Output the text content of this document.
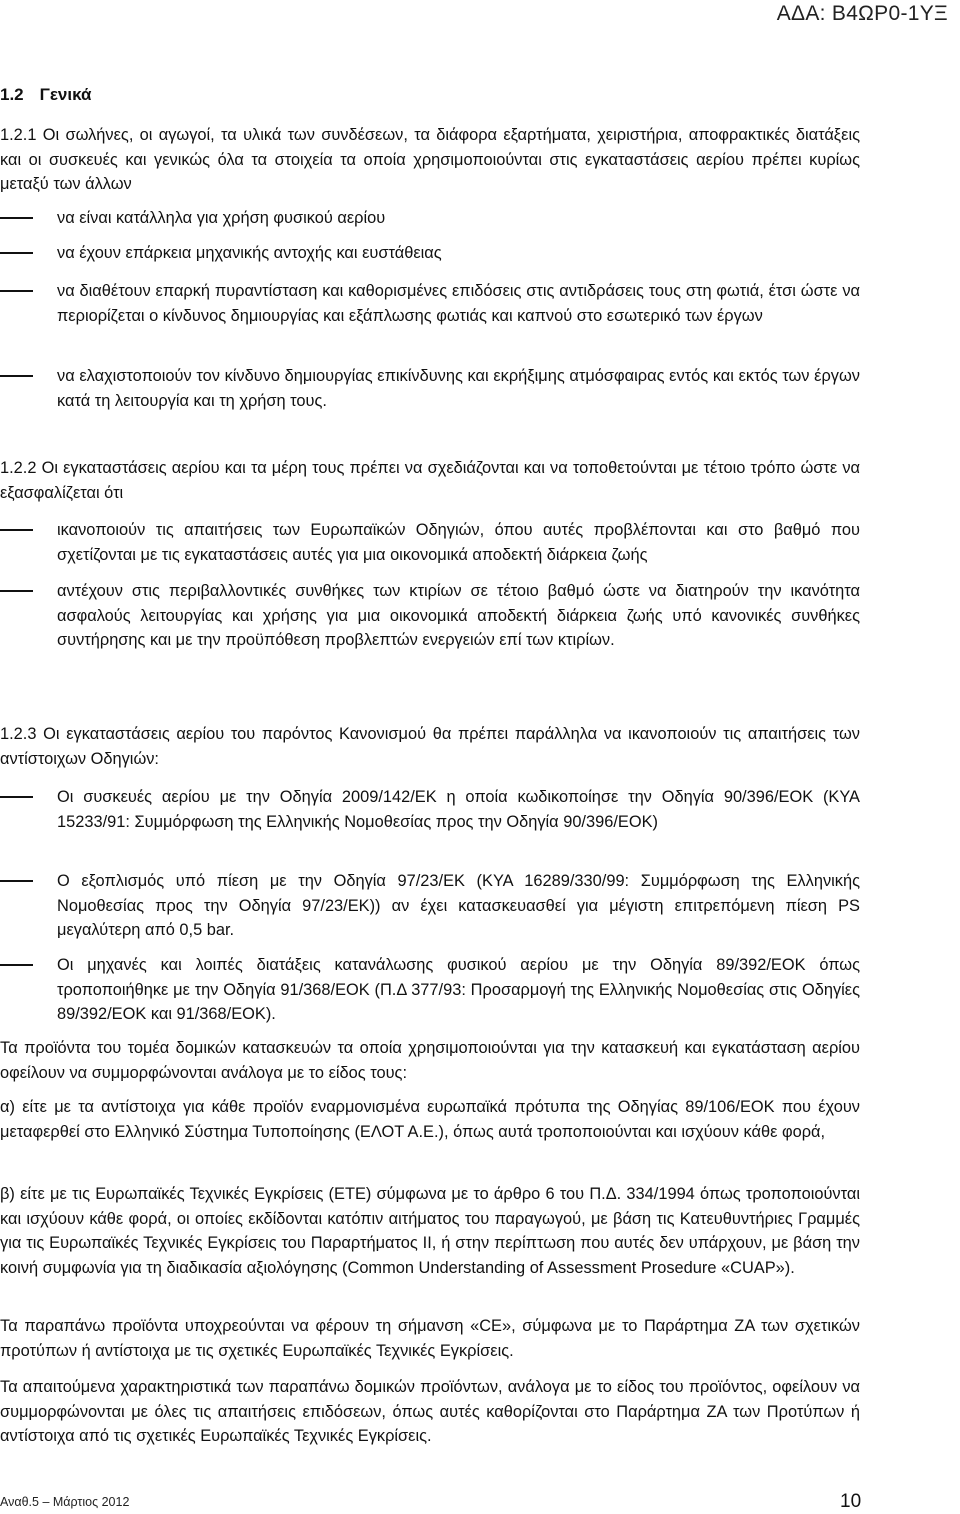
ΑΔΑ: Β4ΩΡ0-1ΥΞ
1.2 Γενικά
1.2.1 Οι σωλήνες, οι αγωγοί, τα υλικά των συνδέσεων, τα διάφορα εξαρτήματα, χειριστήρια, αποφρακτικές διατάξεις και οι συσκευές και γενικώς όλα τα στοιχεία τα οποία χρησιμοποιούνται στις εγκαταστάσεις αερίου πρέπει κυρίως μεταξύ των άλλων
να είναι κατάλληλα για χρήση φυσικού αερίου
να έχουν επάρκεια μηχανικής αντοχής και ευστάθειας
να διαθέτουν επαρκή πυραντίσταση και καθορισμένες επιδόσεις στις αντιδράσεις τους στη φωτιά, έτσι ώστε να περιορίζεται ο κίνδυνος δημιουργίας και εξάπλωσης φωτιάς και καπνού στο εσωτερικό των έργων
να ελαχιστοποιούν τον κίνδυνο δημιουργίας επικίνδυνης και εκρήξιμης ατμόσφαιρας εντός και εκτός των έργων κατά τη λειτουργία και τη χρήση τους.
1.2.2 Οι εγκαταστάσεις αερίου και τα μέρη τους πρέπει να σχεδιάζονται και να τοποθετούνται με τέτοιο τρόπο ώστε να εξασφαλίζεται ότι
ικανοποιούν τις απαιτήσεις των Ευρωπαϊκών Οδηγιών, όπου αυτές προβλέπονται και στο βαθμό που σχετίζονται με τις εγκαταστάσεις αυτές για μια οικονομικά αποδεκτή διάρκεια ζωής
αντέχουν στις περιβαλλοντικές συνθήκες των κτιρίων σε τέτοιο βαθμό ώστε να διατηρούν την ικανότητα ασφαλούς λειτουργίας και χρήσης για μια οικονομικά αποδεκτή διάρκεια ζωής υπό κανονικές συνθήκες συντήρησης και με την προϋπόθεση προβλεπτών ενεργειών επί των κτιρίων.
1.2.3 Οι εγκαταστάσεις αερίου του παρόντος Κανονισμού θα πρέπει παράλληλα να ικανοποιούν τις απαιτήσεις των αντίστοιχων Οδηγιών:
Οι συσκευές αερίου με την Οδηγία 2009/142/ΕΚ η οποία κωδικοποίησε την Οδηγία 90/396/ΕΟΚ (ΚΥΑ 15233/91: Συμμόρφωση της Ελληνικής Νομοθεσίας προς την Οδηγία 90/396/ΕΟΚ)
Ο εξοπλισμός υπό πίεση με την Οδηγία 97/23/ΕΚ (ΚΥΑ 16289/330/99: Συμμόρφωση της Ελληνικής Νομοθεσίας προς την Οδηγία 97/23/ΕΚ)) αν έχει κατασκευασθεί για μέγιστη επιτρεπόμενη πίεση PS μεγαλύτερη από 0,5 bar.
Οι μηχανές και λοιπές διατάξεις κατανάλωσης φυσικού αερίου με την Οδηγία 89/392/ΕΟΚ όπως τροποποιήθηκε με την Οδηγία 91/368/ΕΟΚ (Π.Δ 377/93: Προσαρμογή της Ελληνικής Νομοθεσίας στις Οδηγίες 89/392/ΕΟΚ και 91/368/ΕΟΚ).
Τα προϊόντα του τομέα δομικών κατασκευών τα οποία χρησιμοποιούνται για την κατασκευή και εγκατάσταση αερίου οφείλουν να συμμορφώνονται ανάλογα με το είδος τους:
α) είτε με τα αντίστοιχα για κάθε προϊόν εναρμονισμένα ευρωπαϊκά πρότυπα της Οδηγίας 89/106/ΕΟΚ που έχουν μεταφερθεί στο Ελληνικό Σύστημα Τυποποίησης (ΕΛΟΤ Α.Ε.), όπως αυτά τροποποιούνται και ισχύουν κάθε φορά,
β) είτε με τις Ευρωπαϊκές Τεχνικές Εγκρίσεις (ΕΤΕ) σύμφωνα με το άρθρο 6 του Π.Δ. 334/1994 όπως τροποποιούνται και ισχύουν κάθε φορά, οι οποίες εκδίδονται κατόπιν αιτήματος του παραγωγού, με βάση τις Κατευθυντήριες Γραμμές για τις Ευρωπαϊκές Τεχνικές Εγκρίσεις του Παραρτήματος ΙΙ, ή στην περίπτωση που αυτές δεν υπάρχουν, με βάση την κοινή συμφωνία για τη διαδικασία αξιολόγησης (Common Understanding of Assessment Prosedure «CUAP»).
Τα παραπάνω προϊόντα υποχρεούνται να φέρουν τη σήμανση «CE», σύμφωνα με το Παράρτημα ΖΑ των σχετικών προτύπων ή αντίστοιχα με τις σχετικές Ευρωπαϊκές Τεχνικές Εγκρίσεις.
Τα απαιτούμενα χαρακτηριστικά των παραπάνω δομικών προϊόντων, ανάλογα με το είδος του προϊόντος, οφείλουν να συμμορφώνονται με όλες τις απαιτήσεις επιδόσεων, όπως αυτές καθορίζονται στο Παράρτημα ΖΑ των Προτύπων ή αντίστοιχα από τις σχετικές Ευρωπαϊκές Τεχνικές Εγκρίσεις.
Αναθ.5 – Μάρτιος 2012	10
